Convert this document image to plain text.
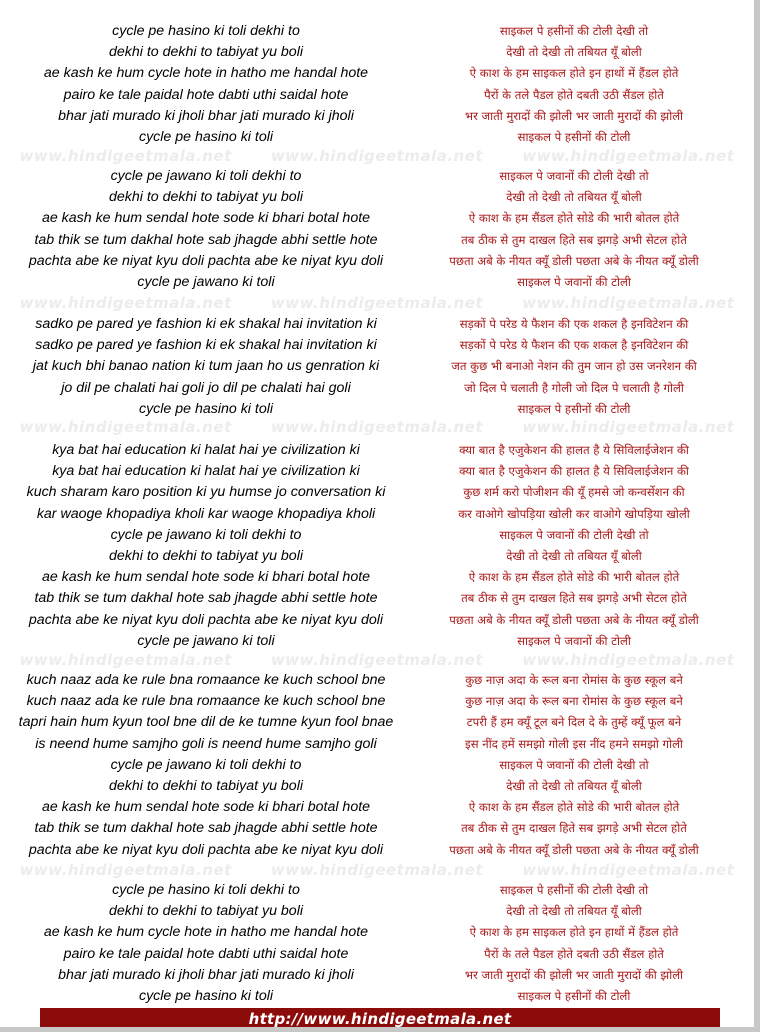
www.hindigeetmala.net	www.hindigeetmala.net	www.hindigeetmala.net
www.hindigeetmala.net	www.hindigeetmala.net	www.hindigeetmala.net
www.hindigeetmala.net	www.hindigeetmala.net	www.hindigeetmala.net
www.hindigeetmala.net	www.hindigeetmala.net	www.hindigeetmala.net
www.hindigeetmala.net	www.hindigeetmala.net	www.hindigeetmala.net
cycle pe hasino ki toli dekhi to	साइकल पे हसीनों की टोली देखी तो
dekhi to dekhi to tabiyat yu boli	देखी तो देखी तो तबियत यूँ बोली
ae kash ke hum cycle hote in hatho me handal hote	ऐ काश के हम साइकल होते इन हाथों में हैंडल होते
pairo ke tale paidal hote dabti uthi saidal hote	पैरों के तले पैडल होते दबती उठी सैंडल होते
bhar jati murado ki jholi bhar jati murado ki jholi	भर जाती मुरादों की झोली भर जाती मुरादों की झोली
cycle pe hasino ki toli	साइकल पे हसीनों की टोली
cycle pe jawano ki toli dekhi to	साइकल पे जवानों की टोली देखी तो
dekhi to dekhi to tabiyat yu boli	देखी तो देखी तो तबियत यूँ बोली
ae kash ke hum sendal hote sode ki bhari botal hote	ऐ काश के हम सैंडल होते सोडे की भारी बोतल होते
tab thik se tum dakhal hote sab jhagde abhi settle hote	तब ठीक से तुम दाखल हिते सब झगड़े अभी सेटल होते
pachta abe ke niyat kyu doli pachta abe ke niyat kyu doli	पछता अबे के नीयत क्यूँ डोली पछता अबे के नीयत क्यूँ डोली
cycle pe jawano ki toli	साइकल पे जवानों की टोली
sadko pe pared ye fashion ki ek shakal hai invitation ki	सड़कों पे परेड ये फैशन की एक शकल है इनविटेशन की
sadko pe pared ye fashion ki ek shakal hai invitation ki	सड़कों पे परेड ये फैशन की एक शकल है इनविटेशन की
jat kuch bhi banao nation ki tum jaan ho us genration ki	जत कुछ भी बनाओ नेशन की तुम जान हो उस जनरेशन की
jo dil pe chalati hai goli jo dil pe chalati hai goli	जो दिल पे चलाती है गोली जो दिल पे चलाती है गोली
cycle pe hasino ki toli	साइकल पे हसीनों की टोली
kya bat hai education ki halat hai ye civilization ki	क्या बात है एजुकेशन की हालत है ये सिविलाईजेशन की
kya bat hai education ki halat hai ye civilization ki	क्या बात है एजुकेशन की हालत है ये सिविलाईजेशन की
kuch sharam karo position ki yu humse jo conversation ki	कुछ शर्म करो पोजीशन की यूँ हमसे जो कन्वर्सेशन की
kar waoge khopadiya kholi kar waoge khopadiya kholi	कर वाओगे खोपड़िया खोली कर वाओगे खोपड़िया खोली
cycle pe jawano ki toli dekhi to	साइकल पे जवानों की टोली देखी तो
dekhi to dekhi to tabiyat yu boli	देखी तो देखी तो तबियत यूँ बोली
ae kash ke hum sendal hote sode ki bhari botal hote	ऐ काश के हम सैंडल होते सोडे की भारी बोतल होते
tab thik se tum dakhal hote sab jhagde abhi settle hote	तब ठीक से तुम दाखल हिते सब झगड़े अभी सेटल होते
pachta abe ke niyat kyu doli pachta abe ke niyat kyu doli	पछता अबे के नीयत क्यूँ डोली पछता अबे के नीयत क्यूँ डोली
cycle pe jawano ki toli	साइकल पे जवानों की टोली
kuch naaz ada ke rule bna romaance ke kuch school bne	कुछ नाज़ अदा के रूल बना रोमांस के कुछ स्कूल बने
kuch naaz ada ke rule bna romaance ke kuch school bne	कुछ नाज़ अदा के रूल बना रोमांस के कुछ स्कूल बने
tapri hain hum kyun tool bne dil de ke tumne kyun fool bnae	टपरी हैं हम क्यूँ टूल बने दिल दे के तुम्हें क्यूँ फूल बने
is neend hume samjho goli is neend hume samjho goli	इस नींद हमें समझो गोली इस नींद हमने समझो गोली
cycle pe jawano ki toli dekhi to	साइकल पे जवानों की टोली देखी तो
dekhi to dekhi to tabiyat yu boli	देखी तो देखी तो तबियत यूँ बोली
ae kash ke hum sendal hote sode ki bhari botal hote	ऐ काश के हम सैंडल होते सोडे की भारी बोतल होते
tab thik se tum dakhal hote sab jhagde abhi settle hote	तब ठीक से तुम दाखल हिते सब झगड़े अभी सेटल होते
pachta abe ke niyat kyu doli pachta abe ke niyat kyu doli	पछता अबे के नीयत क्यूँ डोली पछता अबे के नीयत क्यूँ डोली
cycle pe hasino ki toli dekhi to	साइकल पे हसीनों की टोली देखी तो
dekhi to dekhi to tabiyat yu boli	देखी तो देखी तो तबियत यूँ बोली
ae kash ke hum cycle hote in hatho me handal hote	ऐ काश के हम साइकल होते इन हाथों में हैंडल होते
pairo ke tale paidal hote dabti uthi saidal hote	पैरों के तले पैडल होते दबती उठी सैंडल होते
bhar jati murado ki jholi bhar jati murado ki jholi	भर जाती मुरादों की झोली भर जाती मुरादों की झोली
cycle pe hasino ki toli	साइकल पे हसीनों की टोली
http://www.hindigeetmala.net
